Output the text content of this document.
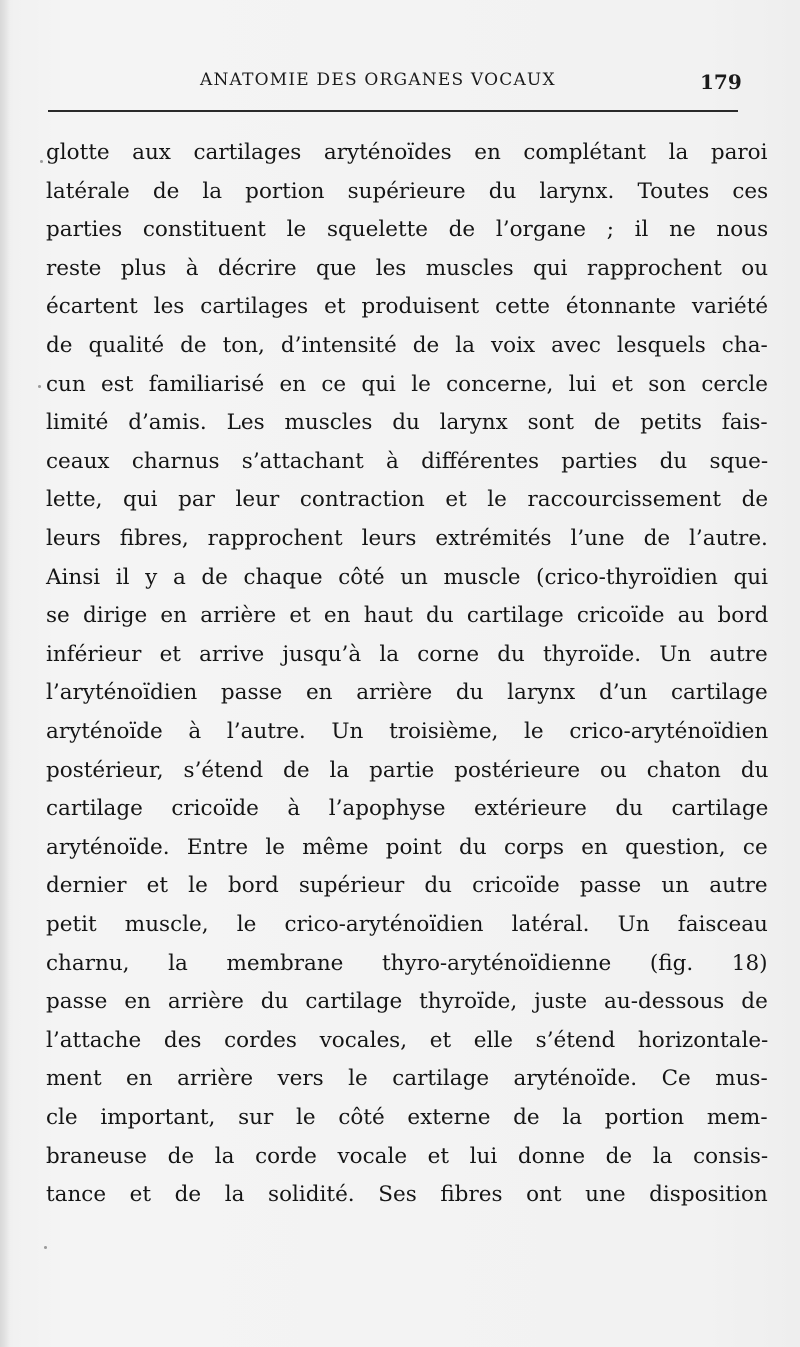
ANATOMIE DES ORGANES VOCAUX	179
glotte aux cartilages aryténoïdes en complétant la paroi
latérale de la portion supérieure du larynx. Toutes ces
parties constituent le squelette de l’organe ; il ne nous
reste plus à décrire que les muscles qui rapprochent ou
écartent les cartilages et produisent cette étonnante variété
de qualité de ton, d’intensité de la voix avec lesquels cha-
cun est familiarisé en ce qui le concerne, lui et son cercle
limité d’amis. Les muscles du larynx sont de petits fais-
ceaux charnus s’attachant à différentes parties du sque-
lette, qui par leur contraction et le raccourcissement de
leurs fibres, rapprochent leurs extrémités l’une de l’autre.
Ainsi il y a de chaque côté un muscle (crico-thyroïdien qui
se dirige en arrière et en haut du cartilage cricoïde au bord
inférieur et arrive jusqu’à la corne du thyroïde. Un autre
l’aryténoïdien passe en arrière du larynx d’un cartilage
aryténoïde à l’autre. Un troisième, le crico-aryténoïdien
postérieur, s’étend de la partie postérieure ou chaton du
cartilage cricoïde à l’apophyse extérieure du cartilage
aryténoïde. Entre le même point du corps en question, ce
dernier et le bord supérieur du cricoïde passe un autre
petit muscle, le crico-aryténoïdien latéral. Un faisceau
charnu, la membrane thyro-aryténoïdienne (fig. 18)
passe en arrière du cartilage thyroïde, juste au-dessous de
l’attache des cordes vocales, et elle s’étend horizontale-
ment en arrière vers le cartilage aryténoïde. Ce mus-
cle important, sur le côté externe de la portion mem-
braneuse de la corde vocale et lui donne de la consis-
tance et de la solidité. Ses fibres ont une disposition
